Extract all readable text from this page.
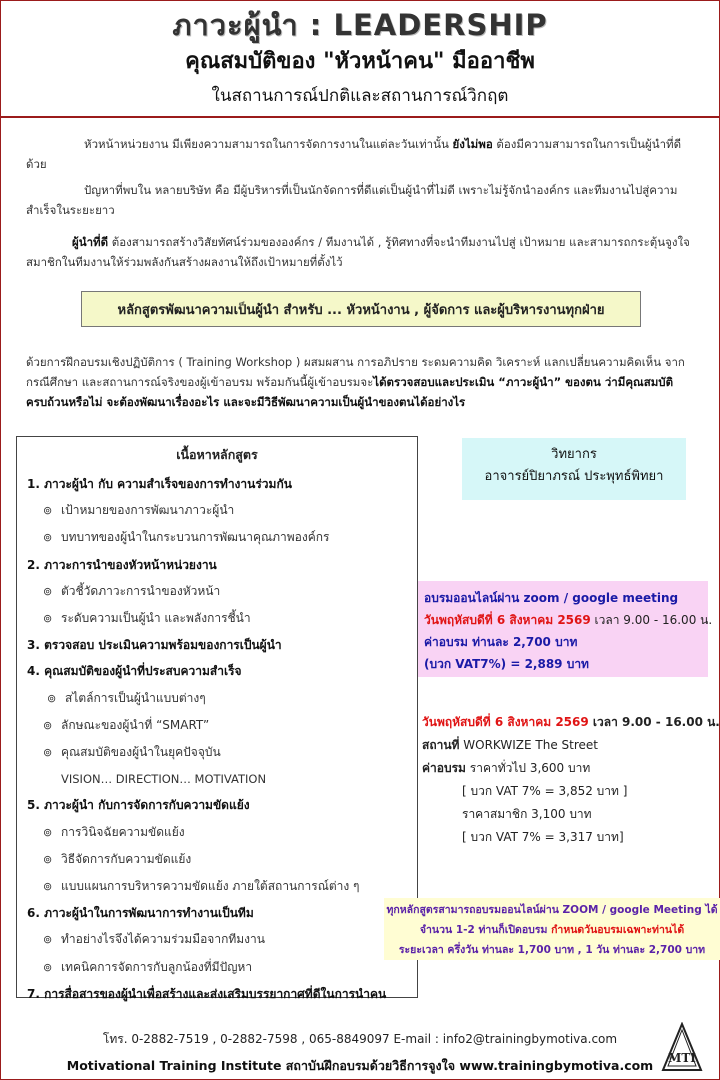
ภาวะผู้นำ : LEADERSHIP
คุณสมบัติของ "หัวหน้าคน" มืออาชีพ
ในสถานการณ์ปกติและสถานการณ์วิกฤต
หัวหน้าหน่วยงาน มีเพียงความสามารถในการจัดการงานในแต่ละวันเท่านั้น ยังไม่พอ ต้องมีความสามารถในการเป็นผู้นำที่ดีด้วย
ปัญหาที่พบใน หลายบริษัท คือ มีผู้บริหารที่เป็นนักจัดการที่ดีแต่เป็นผู้นำที่ไม่ดี เพราะไม่รู้จักนำองค์กร และทีมงานไปสู่ความสำเร็จในระยะยาว
ผู้นำที่ดี ต้องสามารถสร้างวิสัยทัศน์ร่วมขององค์กร / ทีมงานได้ , รู้ทิศทางที่จะนำทีมงานไปสู่ เป้าหมาย และสามารถกระตุ้นจูงใจสมาชิกในทีมงานให้ร่วมพลังกันสร้างผลงานให้ถึงเป้าหมายที่ตั้งไว้
หลักสูตรพัฒนาความเป็นผู้นำ สำหรับ ... หัวหน้างาน , ผู้จัดการ และผู้บริหารงานทุกฝ่าย
ด้วยการฝึกอบรมเชิงปฏิบัติการ ( Training Workshop ) ผสมผสาน การอภิปราย ระดมความคิด วิเคราะห์ แลกเปลี่ยนความคิดเห็น จากกรณีศึกษา และสถานการณ์จริงของผู้เข้าอบรม พร้อมกันนี้ผู้เข้าอบรมจะได้ตรวจสอบและประเมิน “ภาวะผู้นำ” ของตน ว่ามีคุณสมบัติครบถ้วนหรือไม่ จะต้องพัฒนาเรื่องอะไร และจะมีวิธีพัฒนาความเป็นผู้นำของตนได้อย่างไร
เนื้อหาหลักสูตร
1. ภาวะผู้นำ กับ ความสำเร็จของการทำงานร่วมกัน
⊚ เป้าหมายของการพัฒนาภาวะผู้นำ
⊚ บทบาทของผู้นำในกระบวนการพัฒนาคุณภาพองค์กร
2. ภาวะการนำของหัวหน้าหน่วยงาน
⊚ ตัวชี้วัดภาวะการนำของหัวหน้า
⊚ ระดับความเป็นผู้นำ และพลังการชี้นำ
3. ตรวจสอบ ประเมินความพร้อมของการเป็นผู้นำ
4. คุณสมบัติของผู้นำที่ประสบความสำเร็จ
⊚ สไตล์การเป็นผู้นำแบบต่างๆ
⊚ ลักษณะของผู้นำที่ “SMART”
⊚ คุณสมบัติของผู้นำในยุคปัจจุบัน
VISION… DIRECTION… MOTIVATION
5. ภาวะผู้นำ กับการจัดการกับความขัดแย้ง
⊚ การวินิจฉัยความขัดแย้ง
⊚ วิธีจัดการกับความขัดแย้ง
⊚ แบบแผนการบริหารความขัดแย้ง ภายใต้สถานการณ์ต่าง ๆ
6. ภาวะผู้นำในการพัฒนาการทำงานเป็นทีม
⊚ ทำอย่างไรจึงได้ความร่วมมือจากทีมงาน
⊚ เทคนิคการจัดการกับลูกน้องที่มีปัญหา
7. การสื่อสารของผู้นำเพื่อสร้างและส่งเสริมบรรยากาศที่ดีในการนำคน
วิทยากร
อาจารย์ปิยาภรณ์ ประพุทธ์พิทยา
อบรมออนไลน์ผ่าน zoom / google meeting
วันพฤหัสบดีที่ 6 สิงหาคม 2569 เวลา 9.00 - 16.00 น.
ค่าอบรม ท่านละ 2,700 บาท
(บวก VAT7%) = 2,889 บาท
วันพฤหัสบดีที่ 6 สิงหาคม 2569 เวลา 9.00 - 16.00 น.
สถานที่ WORKWIZE The Street
ค่าอบรม ราคาทั่วไป 3,600 บาท
[ บวก VAT 7% = 3,852 บาท ]
ราคาสมาชิก 3,100 บาท
[ บวก VAT 7% = 3,317 บาท]
ทุกหลักสูตรสามารถอบรมออนไลน์ผ่าน ZOOM / google Meeting ได้
จำนวน 1-2 ท่านก็เปิดอบรม กำหนดวันอบรมเฉพาะท่านได้
ระยะเวลา ครึ่งวัน ท่านละ 1,700 บาท , 1 วัน ท่านละ 2,700 บาท
โทร. 0-2882-7519 , 0-2882-7598 , 065-8849097 E-mail : info2@trainingbymotiva.com
Motivational Training Institute สถาบันฝึกอบรมด้วยวิธีการจูงใจ www.trainingbymotiva.com	MTI
